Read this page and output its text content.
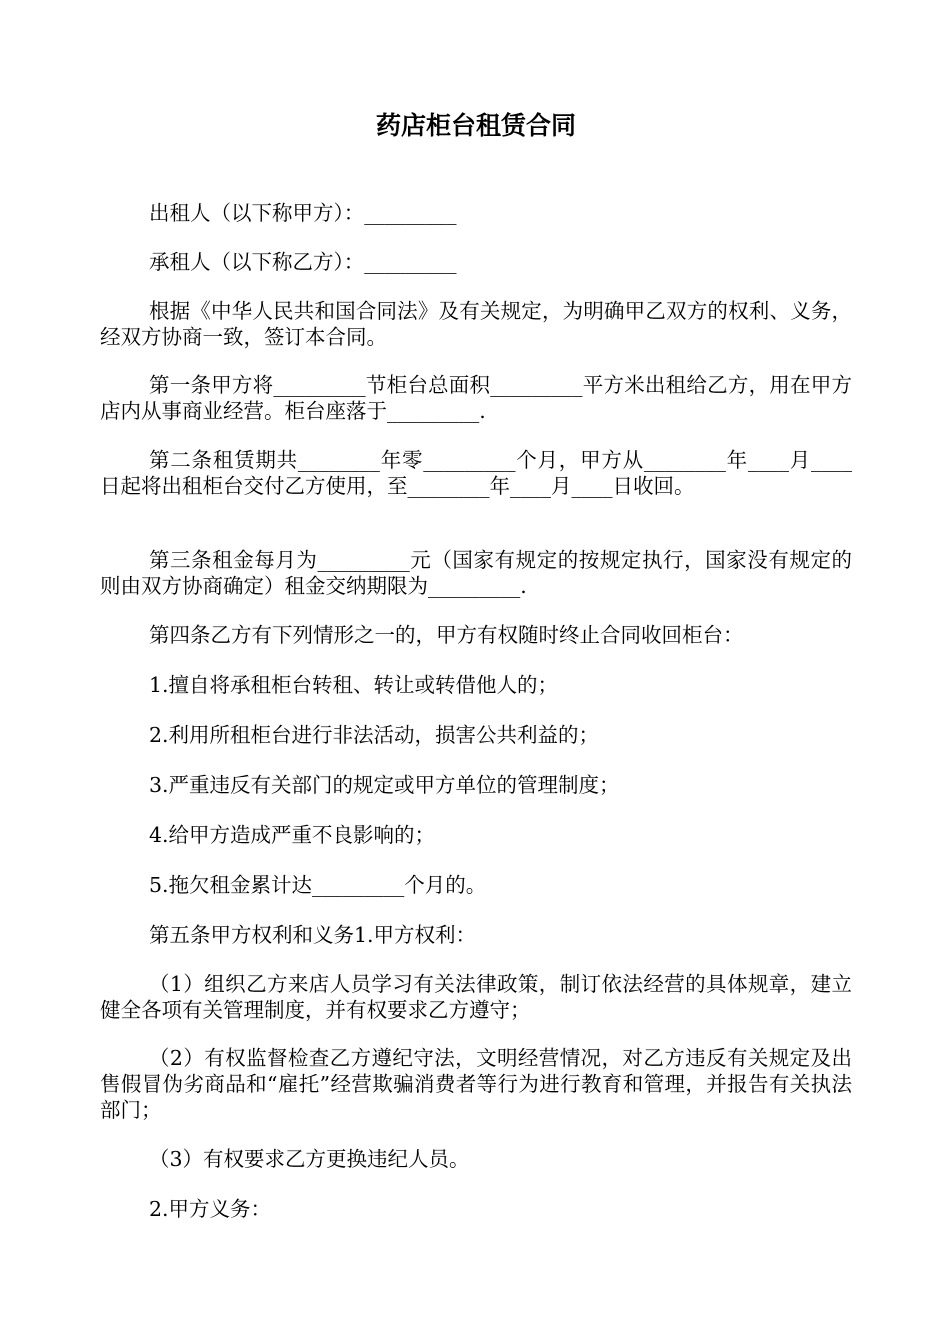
药店柜台租赁合同

出租人（以下称甲方）：_________

承租人（以下称乙方）：_________

根据《中华人民共和国合同法》及有关规定，为明确甲乙双方的权利、义务，经双方协商一致，签订本合同。

第一条甲方将_________节柜台总面积_________平方米出租给乙方，用在甲方店内从事商业经营。柜台座落于_________.

第二条租赁期共________年零_________个月，甲方从________年____月____日起将出租柜台交付乙方使用，至________年____月____日收回。

第三条租金每月为_________元（国家有规定的按规定执行，国家没有规定的则由双方协商确定）租金交纳期限为_________.

第四条乙方有下列情形之一的，甲方有权随时终止合同收回柜台：

1.擅自将承租柜台转租、转让或转借他人的；

2.利用所租柜台进行非法活动，损害公共利益的；

3.严重违反有关部门的规定或甲方单位的管理制度；

4.给甲方造成严重不良影响的；

5.拖欠租金累计达_________个月的。

第五条甲方权利和义务1.甲方权利：

（1）组织乙方来店人员学习有关法律政策，制订依法经营的具体规章，建立健全各项有关管理制度，并有权要求乙方遵守；

（2）有权监督检查乙方遵纪守法，文明经营情况，对乙方违反有关规定及出售假冒伪劣商品和“雇托”经营欺骗消费者等行为进行教育和管理，并报告有关执法部门；

（3）有权要求乙方更换违纪人员。

2.甲方义务：
